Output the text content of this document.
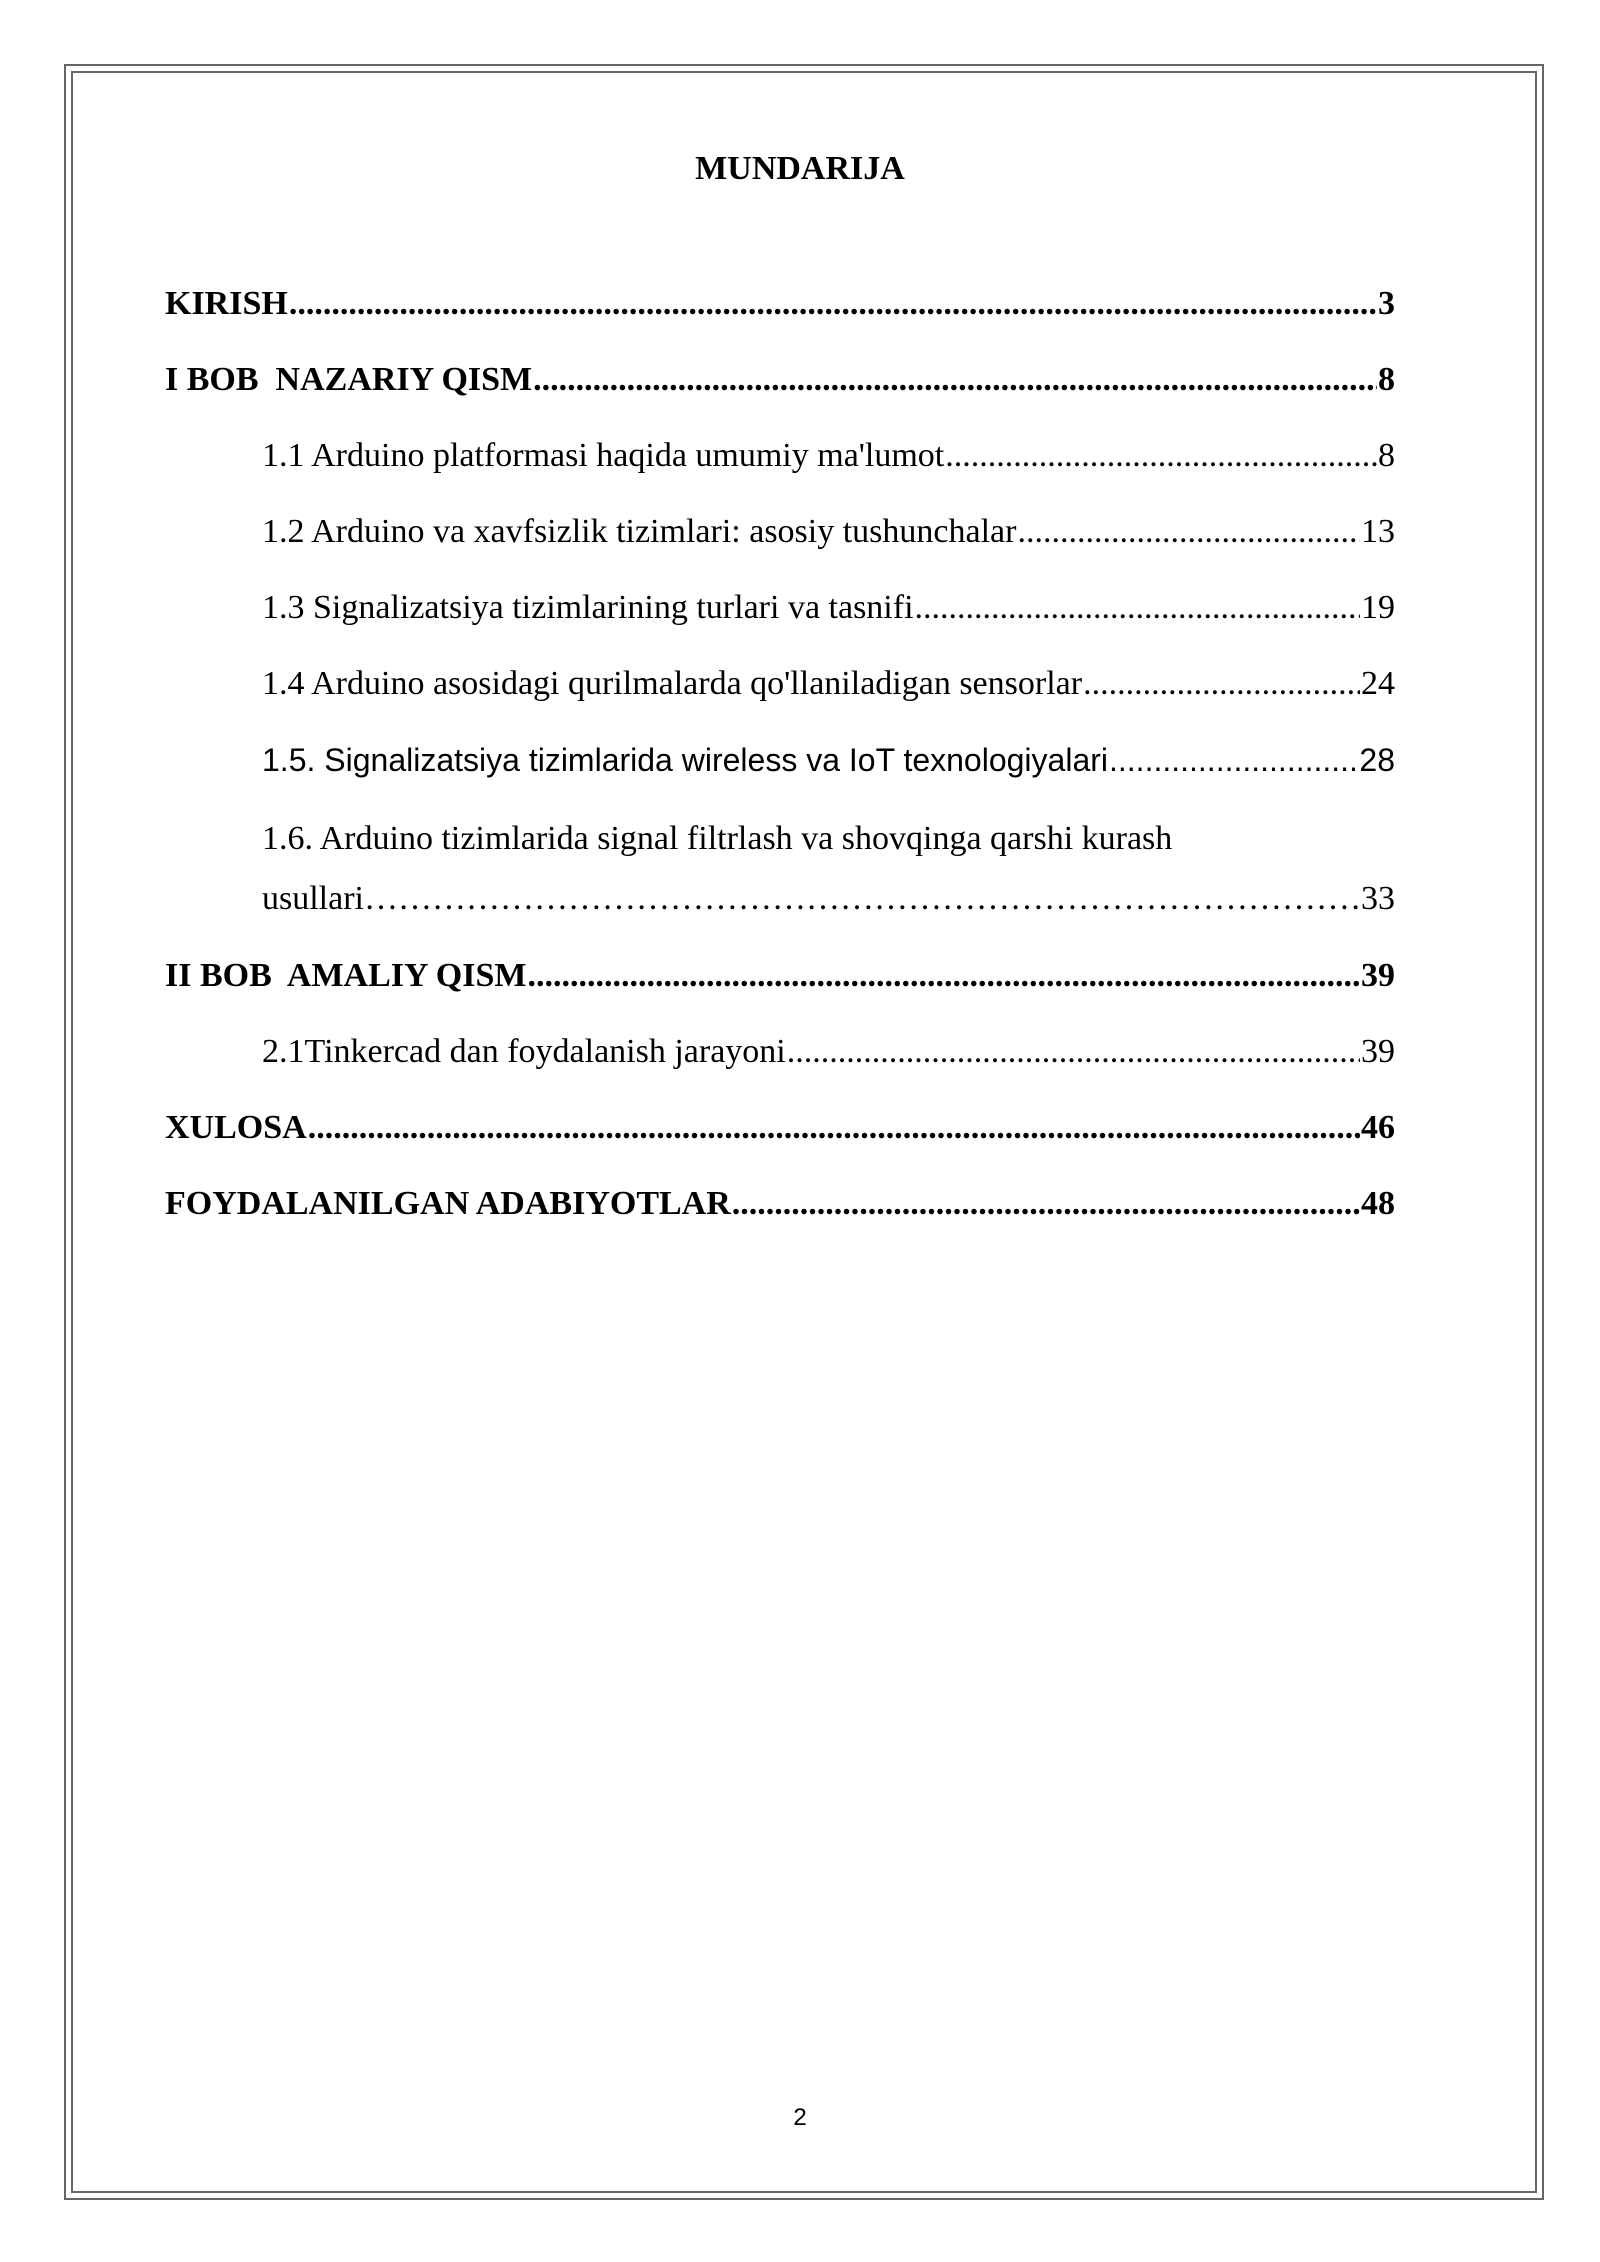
MUNDARIJA
KIRISH .....	3
I BOB  NAZARIY QISM .....	8
1.1 Arduino platformasi haqida umumiy ma'lumot .....	8
1.2 Arduino va xavfsizlik tizimlari: asosiy tushunchalar .....	13
1.3 Signalizatsiya tizimlarining turlari va tasnifi .....	19
1.4 Arduino asosidagi qurilmalarda qo'llaniladigan sensorlar .....	24
1.5. Signalizatsiya tizimlarida wireless va IoT texnologiyalari .....	28
1.6. Arduino tizimlarida signal filtrlash va shovqinga qarshi kurash
usullari ……………………………………………………………………………………………………………………………………………………	33
II BOB  AMALIY QISM .....	39
2.1Tinkercad dan foydalanish jarayoni .....	39
XULOSA .....	46
FOYDALANILGAN ADABIYOTLAR .....	48
2
